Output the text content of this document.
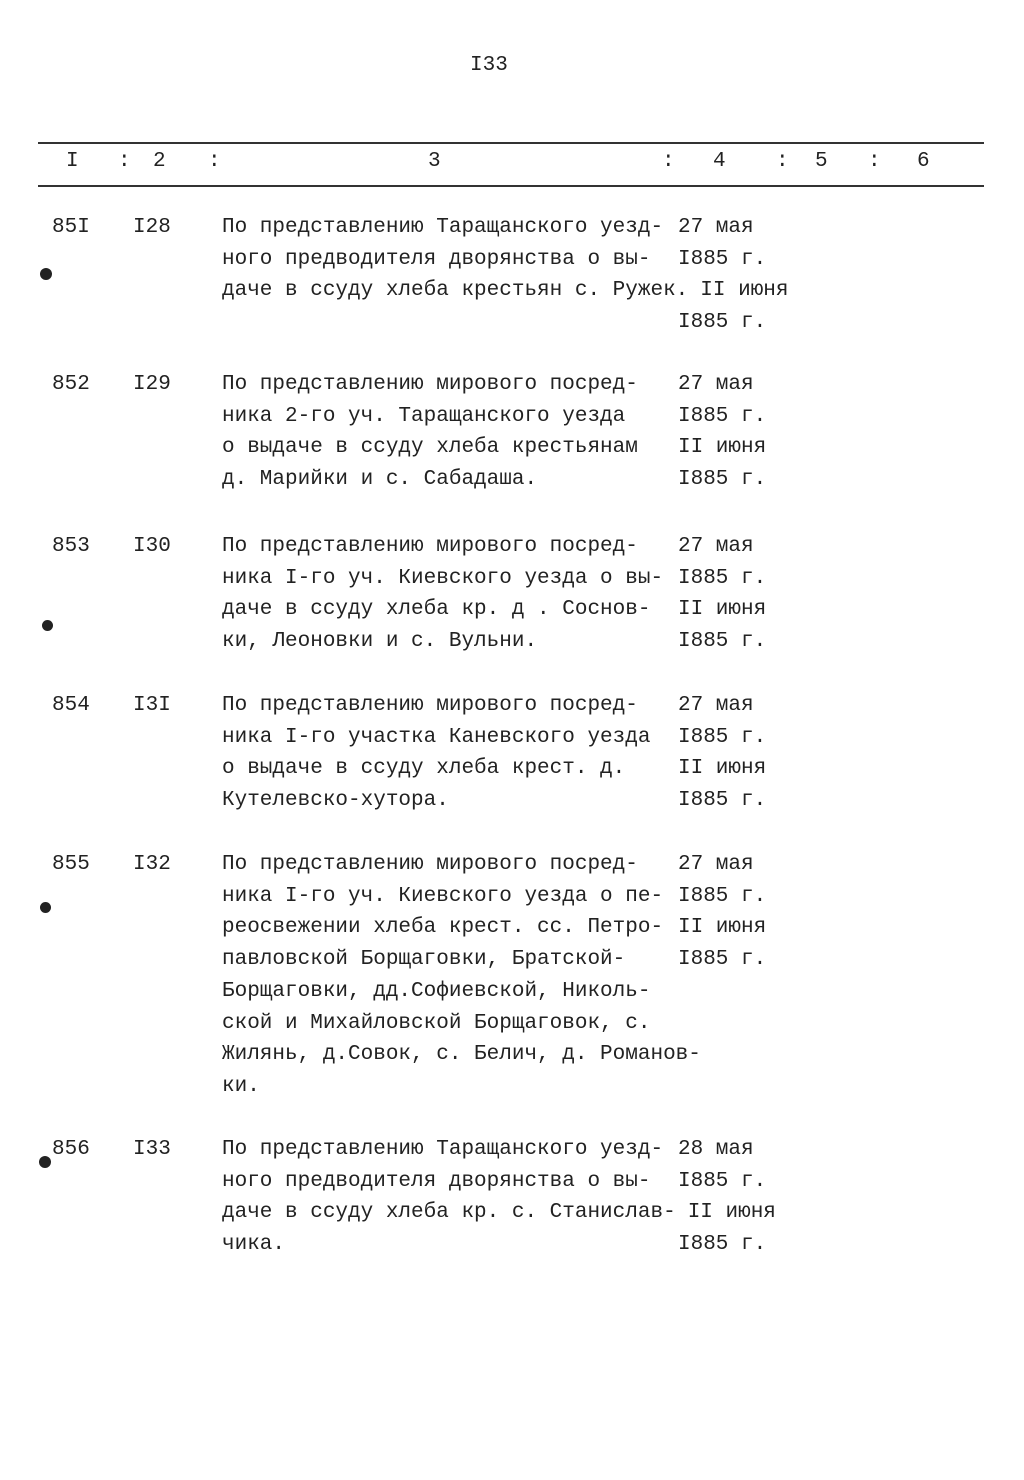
I33
I : 2 :	3	: 4 : 5 : 6
85I I28 По представлению Таращанского уезд-
ного предводителя дворянства о вы-
даче в ссуду хлеба крестьян с. Ружек.
27 мая
I885 г.
II июня
I885 г.
852 I29 По представлению мирового посред-
ника 2-го уч. Таращанского уезда
о выдаче в ссуду хлеба крестьянам
д. Марийки и с. Сабадаша.
27 мая
I885 г.
II июня
I885 г.
853 I30 По представлению мирового посред-
ника I-го уч. Киевского уезда о вы-
даче в ссуду хлеба кр. д . Соснов-
ки, Леоновки и с. Вульни.
27 мая
I885 г.
II июня
I885 г.
854 I3I По представлению мирового посред-
ника I-го участка Каневского уезда
о выдаче в ссуду хлеба крест. д.
Кутелевско-хутора.
27 мая
I885 г.
II июня
I885 г.
855 I32 По представлению мирового посред-
ника I-го уч. Киевского уезда о пе-
реосвежении хлеба крест. сс. Петро-
павловской Борщаговки, Братской-
Борщаговки, дд.Софиевской, Николь-
ской и Михайловской Борщаговок, с.
Жилянь, д.Совок, с. Белич, д. Романов-
ки.
27 мая
I885 г.
II июня
I885 г.
856 I33 По представлению Таращанского уезд-
ного предводителя дворянства о вы-
даче в ссуду хлеба кр. с. Станислав-
чика.
28 мая
I885 г.
II июня
I885 г.
